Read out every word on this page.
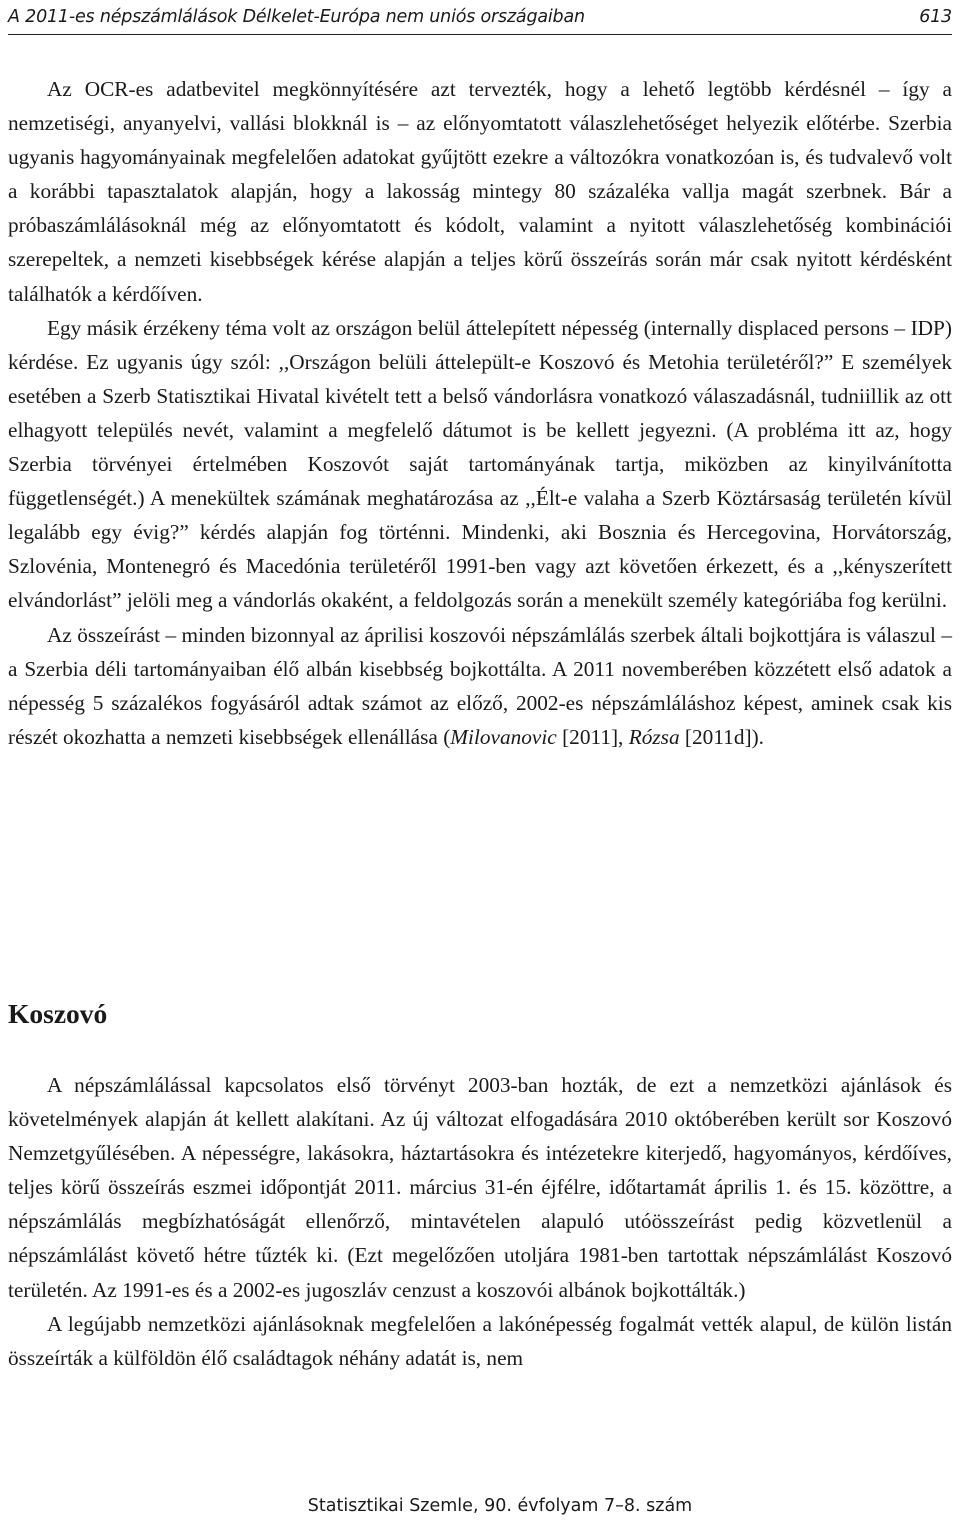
A 2011-es népszámlálások Délkelet-Európa nem uniós országaiban	613

Az OCR-es adatbevitel megkönnyítésére azt tervezték, hogy a lehető legtöbb kérdésnél – így a nemzetiségi, anyanyelvi, vallási blokknál is – az előnyomtatott válaszlehetőséget helyezik előtérbe. Szerbia ugyanis hagyományainak megfelelően adatokat gyűjtött ezekre a változókra vonatkozóan is, és tudvalevő volt a korábbi tapasztalatok alapján, hogy a lakosság mintegy 80 százaléka vallja magát szerbnek. Bár a próbaszámlálásoknál még az előnyomtatott és kódolt, valamint a nyitott válaszlehetőség kombinációi szerepeltek, a nemzeti kisebbségek kérése alapján a teljes körű összeírás során már csak nyitott kérdésként találhatók a kérdőíven.

Egy másik érzékeny téma volt az országon belül áttelepített népesség (internally displaced persons – IDP) kérdése. Ez ugyanis úgy szól: ,,Országon belüli áttelepült-e Koszovó és Metohia területéről?” E személyek esetében a Szerb Statisztikai Hivatal kivételt tett a belső vándorlásra vonatkozó válaszadásnál, tudniillik az ott elhagyott település nevét, valamint a megfelelő dátumot is be kellett jegyezni. (A probléma itt az, hogy Szerbia törvényei értelmében Koszovót saját tartományának tartja, miközben az kinyilvánította függetlenségét.) A menekültek számának meghatározása az ,,Élt-e valaha a Szerb Köztársaság területén kívül legalább egy évig?” kérdés alapján fog történni. Mindenki, aki Bosznia és Hercegovina, Horvátország, Szlovénia, Montenegró és Macedónia területéről 1991-ben vagy azt követően érkezett, és a ,,kényszerített elvándorlást” jelöli meg a vándorlás okaként, a feldolgozás során a menekült személy kategóriába fog kerülni.

Az összeírást – minden bizonnyal az áprilisi koszovói népszámlálás szerbek általi bojkottjára is válaszul – a Szerbia déli tartományaiban élő albán kisebbség bojkottálta. A 2011 novemberében közzétett első adatok a népesség 5 százalékos fogyásáról adtak számot az előző, 2002-es népszámláláshoz képest, aminek csak kis részét okozhatta a nemzeti kisebbségek ellenállása (Milovanovic [2011], Rózsa [2011d]).

Koszovó

A népszámlálással kapcsolatos első törvényt 2003-ban hozták, de ezt a nemzetközi ajánlások és követelmények alapján át kellett alakítani. Az új változat elfogadására 2010 októberében került sor Koszovó Nemzetgyűlésében. A népességre, lakásokra, háztartásokra és intézetekre kiterjedő, hagyományos, kérdőíves, teljes körű összeírás eszmei időpontját 2011. március 31-én éjfélre, időtartamát április 1. és 15. közöttre, a népszámlálás megbízhatóságát ellenőrző, mintavételen alapuló utóösszeírást pedig közvetlenül a népszámlálást követő hétre tűzték ki. (Ezt megelőzően utoljára 1981-ben tartottak népszámlálást Koszovó területén. Az 1991-es és a 2002-es jugoszláv cenzust a koszovói albánok bojkottálták.)

A legújabb nemzetközi ajánlásoknak megfelelően a lakónépesség fogalmát vették alapul, de külön listán összeírták a külföldön élő családtagok néhány adatát is, nem

Statisztikai Szemle, 90. évfolyam 7–8. szám
